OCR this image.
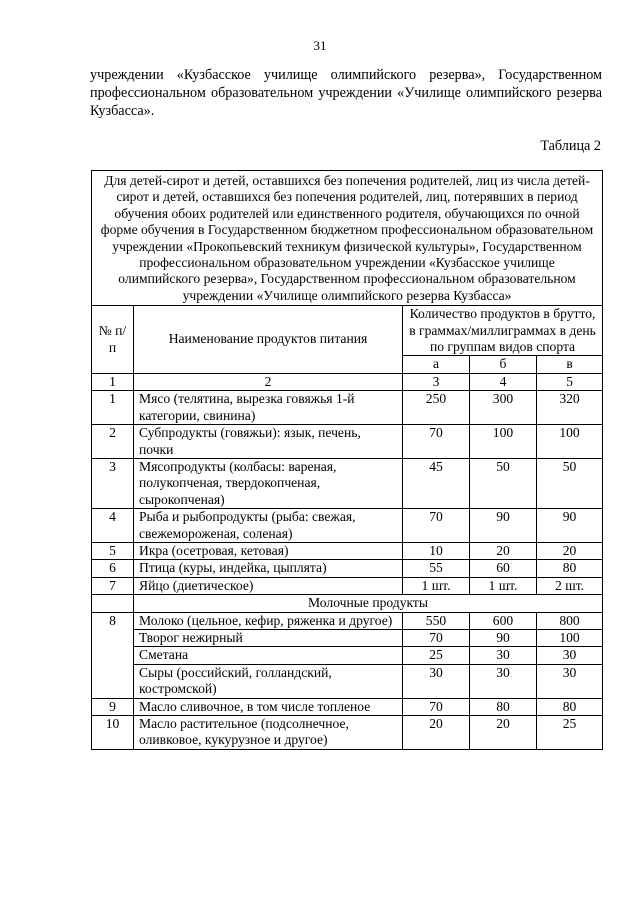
31
учреждении «Кузбасское училище олимпийского резерва», Государственном профессиональном образовательном учреждении «Училище олимпийского резерва Кузбасса».
Таблица 2
Для детей-сирот и детей, оставшихся без попечения родителей, лиц из числа детей-сирот и детей, оставшихся без попечения родителей, лиц, потерявших в период обучения обоих родителей или единственного родителя, обучающихся по очной форме обучения в Государственном бюджетном профессиональном образовательном учреждении «Прокопьевский техникум физической культуры», Государственном профессиональном образовательном учреждении «Кузбасское училище олимпийского резерва», Государственном профессиональном образовательном учреждении «Училище олимпийского резерва Кузбасса»				
№ п/п	Наименование продуктов питания	Количество продуктов в брутто, в граммах/миллиграммах в день по группам видов спорта		
		а	б	в
1	2	3	4	5
1	Мясо (телятина, вырезка говяжья 1-й категории, свинина)	250	300	320
2	Субпродукты (говяжьи): язык, печень, почки	70	100	100
3	Мясопродукты (колбасы: вареная, полукопченая, твердокопченая, сырокопченая)	45	50	50
4	Рыба и рыбопродукты (рыба: свежая, свежемороженая, соленая)	70	90	90
5	Икра (осетровая, кетовая)	10	20	20
6	Птица (куры, индейка, цыплята)	55	60	80
7	Яйцо (диетическое)	1 шт.	1 шт.	2 шт.
	Молочные продукты			
8	Молоко (цельное, кефир, ряженка и другое)	550	600	800
	Творог нежирный	70	90	100
	Сметана	25	30	30
	Сыры (российский, голландский, костромской)	30	30	30
9	Масло сливочное, в том числе топленое	70	80	80
10	Масло растительное (подсолнечное, оливковое, кукурузное и другое)	20	20	25
